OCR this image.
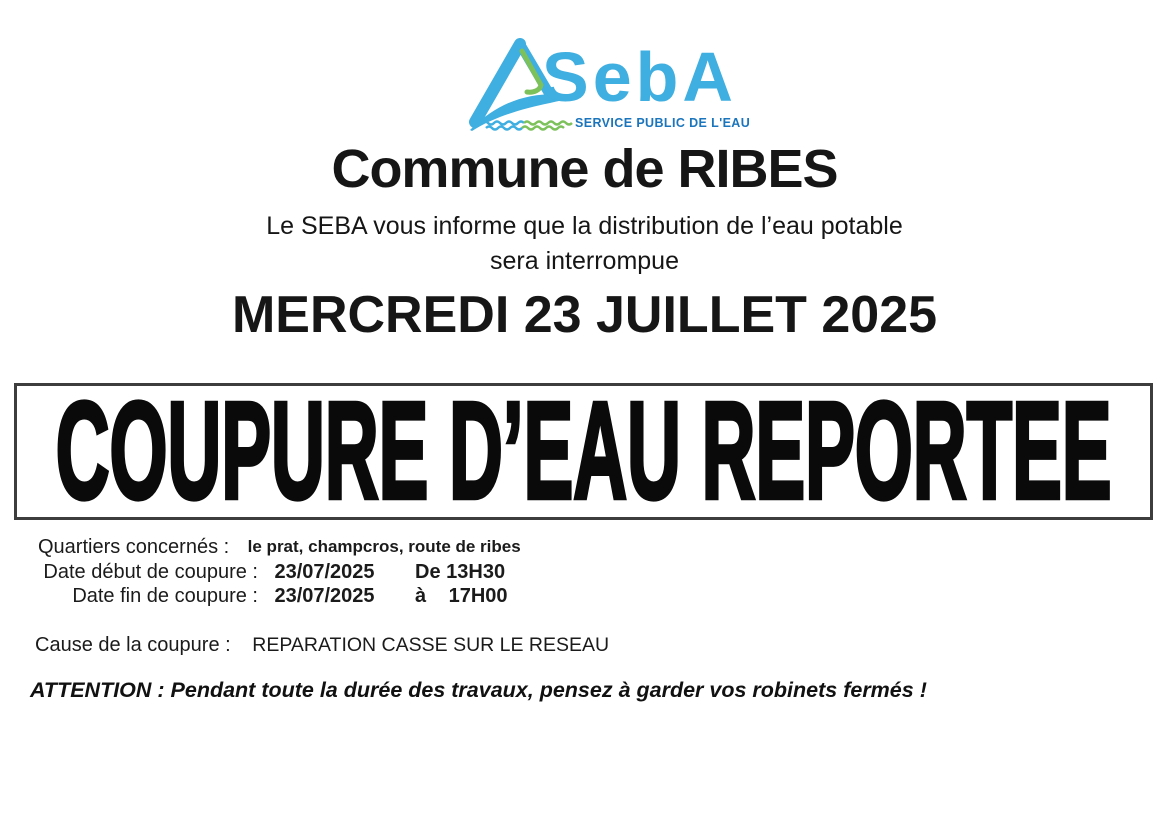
SebA
SERVICE PUBLIC DE L'EAU
Commune de RIBES
Le SEBA vous informe que la distribution de l’eau potable
sera interrompue
MERCREDI 23 JUILLET 2025
COUPURE D’EAU REPORTEE
Quartiers concernés : le prat, champcros, route de ribes
Date début de coupure : 23/07/2025 De 13H30
Date fin de coupure : 23/07/2025 à 17H00
Cause de la coupure : REPARATION CASSE SUR LE RESEAU
ATTENTION : Pendant toute la durée des travaux, pensez à garder vos robinets fermés !
